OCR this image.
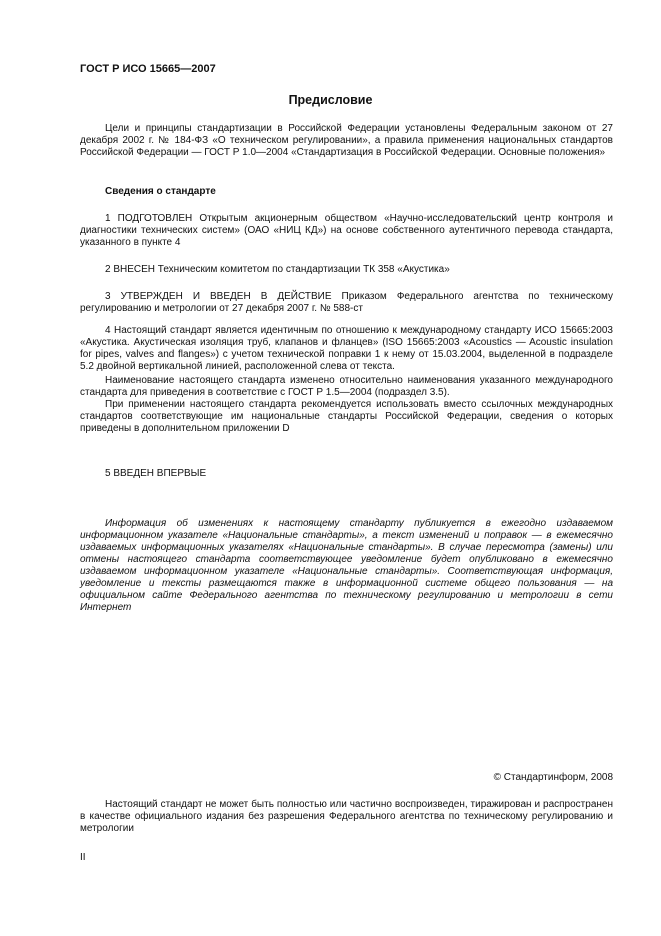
ГОСТ Р ИСО 15665—2007
Предисловие

Цели и принципы стандартизации в Российской Федерации установлены Федеральным законом от 27 декабря 2002 г. № 184-ФЗ «О техническом регулировании», а правила применения национальных стандартов Российской Федерации — ГОСТ Р 1.0—2004 «Стандартизация в Российской Федерации. Основные положения»

Сведения о стандарте

1 ПОДГОТОВЛЕН Открытым акционерным обществом «Научно-исследовательский центр контроля и диагностики технических систем» (ОАО «НИЦ КД») на основе собственного аутентичного перевода стандарта, указанного в пункте 4

2 ВНЕСЕН Техническим комитетом по стандартизации ТК 358 «Акустика»

3 УТВЕРЖДЕН И ВВЕДЕН В ДЕЙСТВИЕ Приказом Федерального агентства по техническому регулированию и метрологии от 27 декабря 2007 г. № 588-ст

4 Настоящий стандарт является идентичным по отношению к международному стандарту ИСО 15665:2003 «Акустика. Акустическая изоляция труб, клапанов и фланцев» (ISO 15665:2003 «Acoustics — Acoustic insulation for pipes, valves and flanges») с учетом технической поправки 1 к нему от 15.03.2004, выделенной в подразделе 5.2 двойной вертикальной линией, расположенной слева от текста.

Наименование настоящего стандарта изменено относительно наименования указанного международного стандарта для приведения в соответствие с ГОСТ Р 1.5—2004 (подраздел 3.5).

При применении настоящего стандарта рекомендуется использовать вместо ссылочных международных стандартов соответствующие им национальные стандарты Российской Федерации, сведения о которых приведены в дополнительном приложении D

5 ВВЕДЕН ВПЕРВЫЕ

Информация об изменениях к настоящему стандарту публикуется в ежегодно издаваемом информационном указателе «Национальные стандарты», а текст изменений и поправок — в ежемесячно издаваемых информационных указателях «Национальные стандарты». В случае пересмотра (замены) или отмены настоящего стандарта соответствующее уведомление будет опубликовано в ежемесячно издаваемом информационном указателе «Национальные стандарты». Соответствующая информация, уведомление и тексты размещаются также в информационной системе общего пользования — на официальном сайте Федерального агентства по техническому регулированию и метрологии в сети Интернет

© Стандартинформ, 2008

Настоящий стандарт не может быть полностью или частично воспроизведен, тиражирован и распространен в качестве официального издания без разрешения Федерального агентства по техническому регулированию и метрологии

II
